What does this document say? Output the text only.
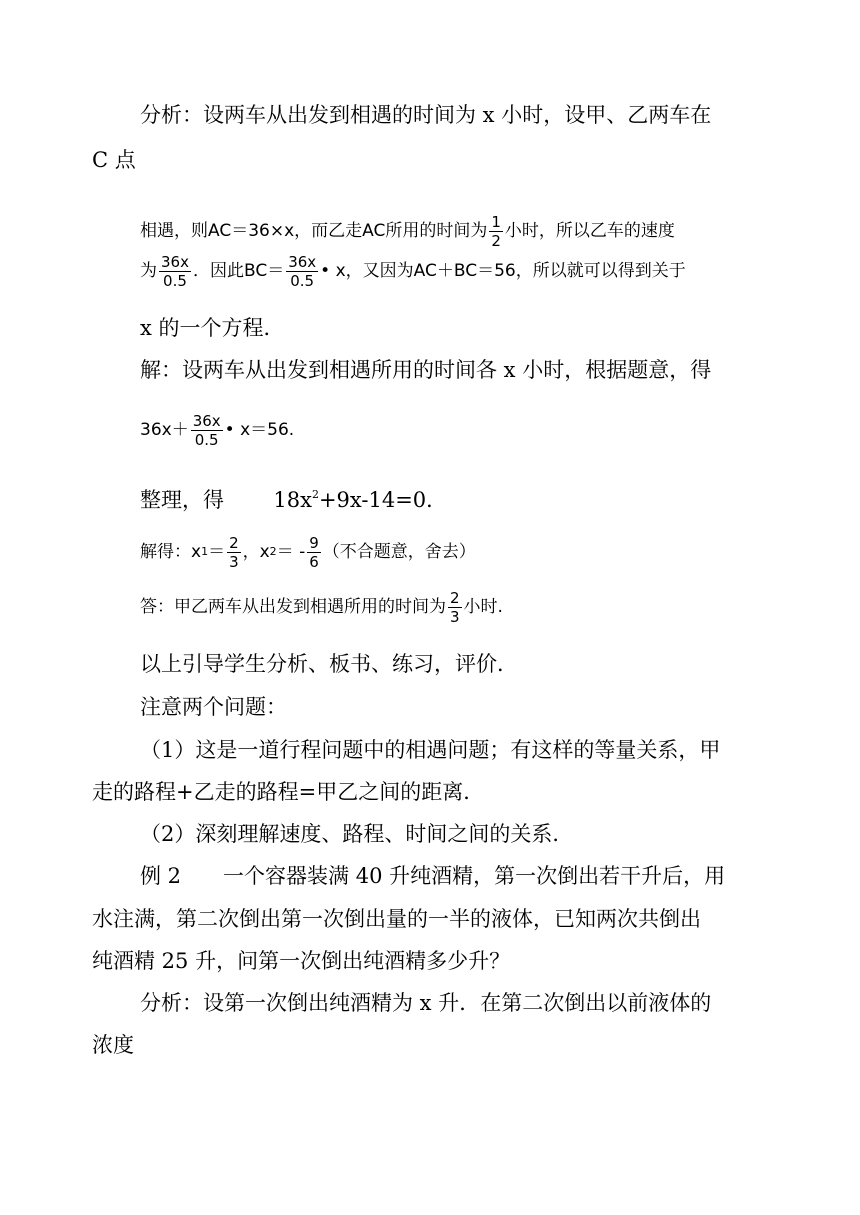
分析：设两车从出发到相遇的时间为 x 小时，设甲、乙两车在
C 点
相遇，则AC＝36×x，而乙走AC所用的时间为 $\frac{1}{2}$ 小时，所以乙车的速度
为 $\frac{36x}{0.5}$ ．因此$BC= \frac{36x}{0.5}$ • x，又因为AC＋BC＝56，所以就可以得到关于
x 的一个方程．
解：设两车从出发到相遇所用的时间各 x 小时，根据题意，得
$36x+ \frac{36x}{0.5}$ • x＝56.
整理，得 $18x^2+9x-14=0$．
解得：x $1 = \frac{2}{3}$ ，x 2 ＝ - $\frac{9}{6}$ （不合题意，舍去）
答：甲乙两车从出发到相遇所用的时间为 $\frac{2}{3}$ 小时.
以上引导学生分析、板书、练习，评价．
注意两个问题：
（1）这是一道行程问题中的相遇问题；有这样的等量关系，甲
走的路程+乙走的路程=甲乙之间的距离．
（2）深刻理解速度、路程、时间之间的关系．
例 2　　一个容器装满 40 升纯酒精，第一次倒出若干升后，用
水注满，第二次倒出第一次倒出量的一半的液体，已知两次共倒出
纯酒精 25 升，问第一次倒出纯酒精多少升？
分析：设第一次倒出纯酒精为 x 升．在第二次倒出以前液体的
浓度
